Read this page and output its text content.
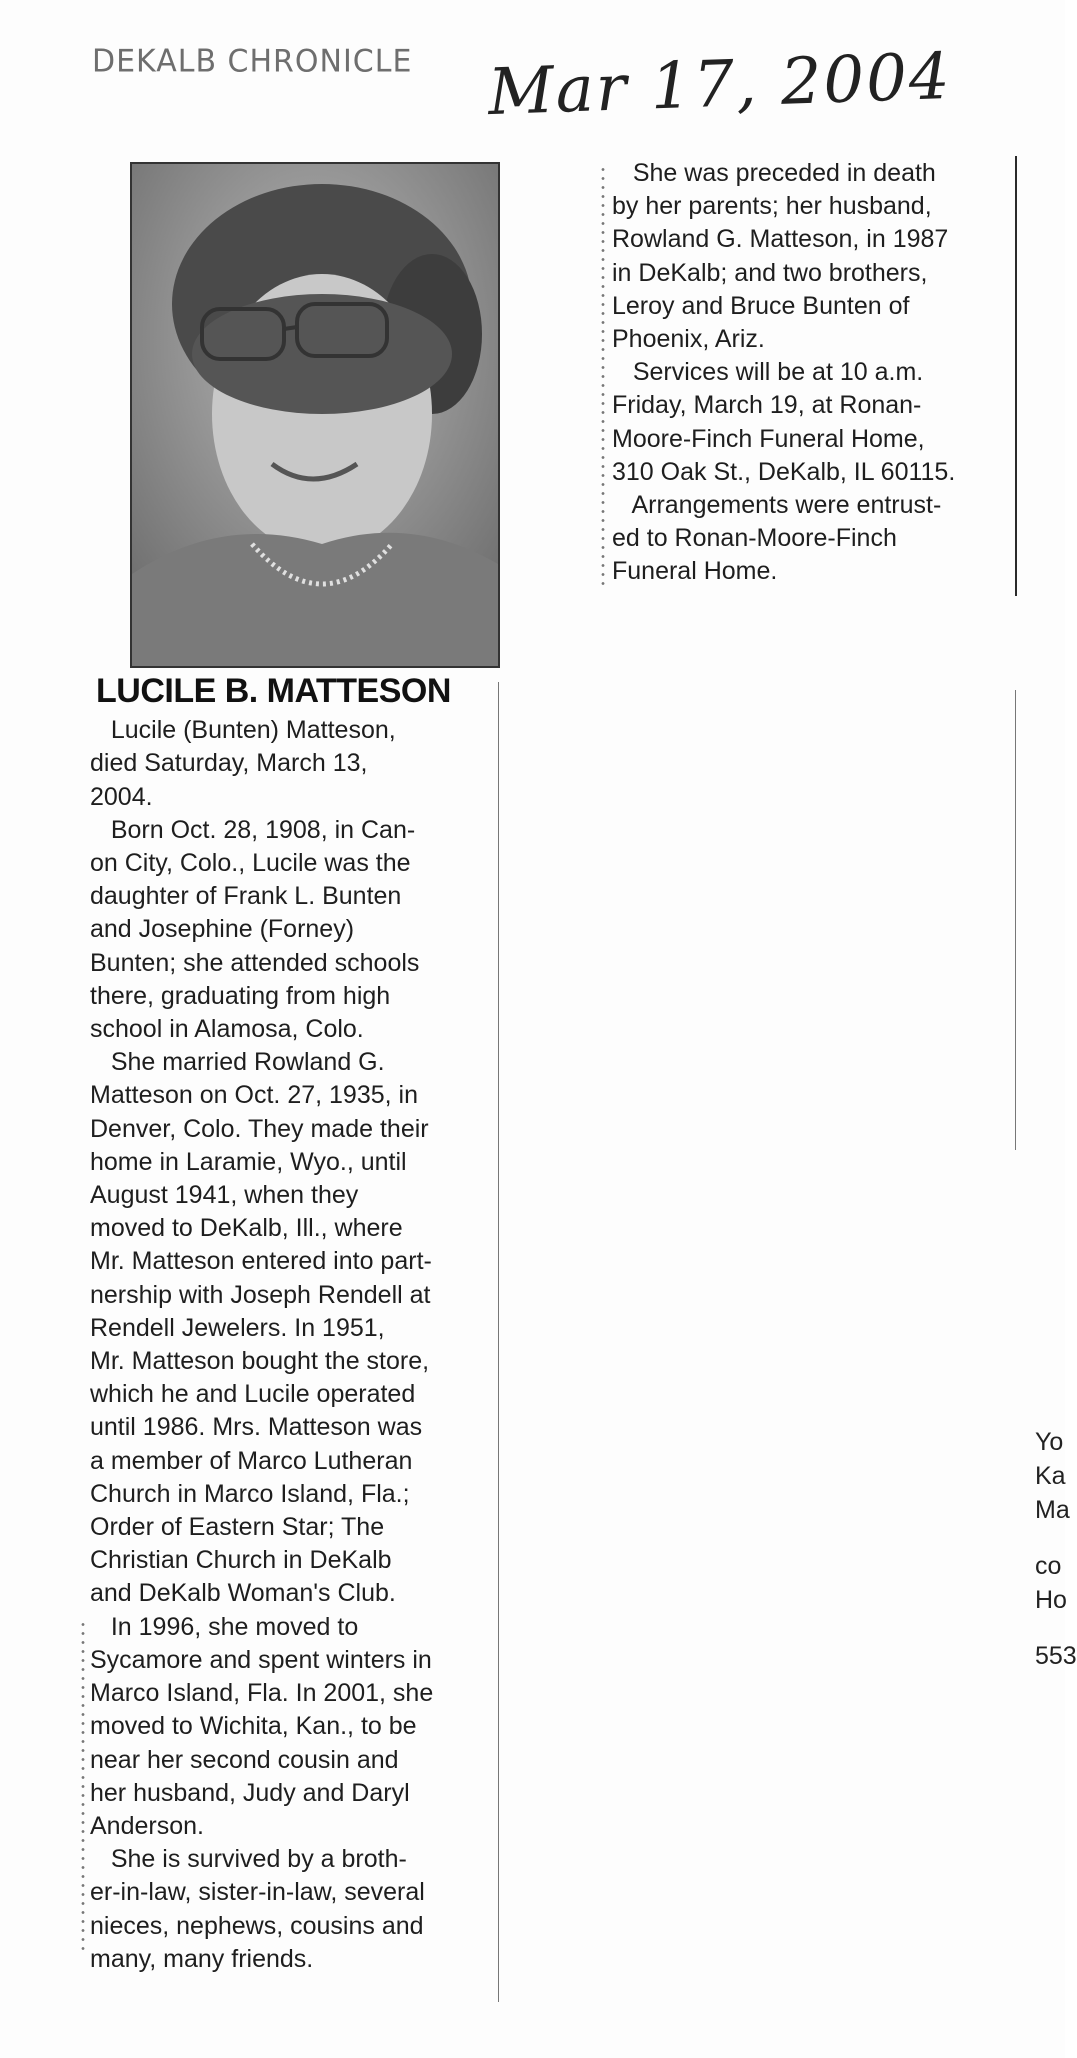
DEKALB CHRONICLE Mar 17, 2004
LUCILE B. MATTESON

Lucile (Bunten) Matteson,

died Saturday, March 13,

2004.

Born Oct. 28, 1908, in Can-

on City, Colo., Lucile was the

daughter of Frank L. Bunten

and Josephine (Forney)

Bunten; she attended schools

there, graduating from high

school in Alamosa, Colo.

She married Rowland G.

Matteson on Oct. 27, 1935, in

Denver, Colo. They made their

home in Laramie, Wyo., until

August 1941, when they

moved to DeKalb, Ill., where

Mr. Matteson entered into part-

nership with Joseph Rendell at

Rendell Jewelers. In 1951,

Mr. Matteson bought the store,

which he and Lucile operated

until 1986. Mrs. Matteson was

a member of Marco Lutheran

Church in Marco Island, Fla.;

Order of Eastern Star; The

Christian Church in DeKalb

and DeKalb Woman's Club.

In 1996, she moved to

Sycamore and spent winters in

Marco Island, Fla. In 2001, she

moved to Wichita, Kan., to be

near her second cousin and

her husband, Judy and Daryl

Anderson.

She is survived by a broth-

er-in-law, sister-in-law, several

nieces, nephews, cousins and

many, many friends.

She was preceded in death

by her parents; her husband,

Rowland G. Matteson, in 1987

in DeKalb; and two brothers,

Leroy and Bruce Bunten of

Phoenix, Ariz.

Services will be at 10 a.m.

Friday, March 19, at Ronan-

Moore-Finch Funeral Home,

310 Oak St., DeKalb, IL 60115.

Arrangements were entrust-

ed to Ronan-Moore-Finch

Funeral Home.

Yo
Ka
Ma
co
Ho
553
